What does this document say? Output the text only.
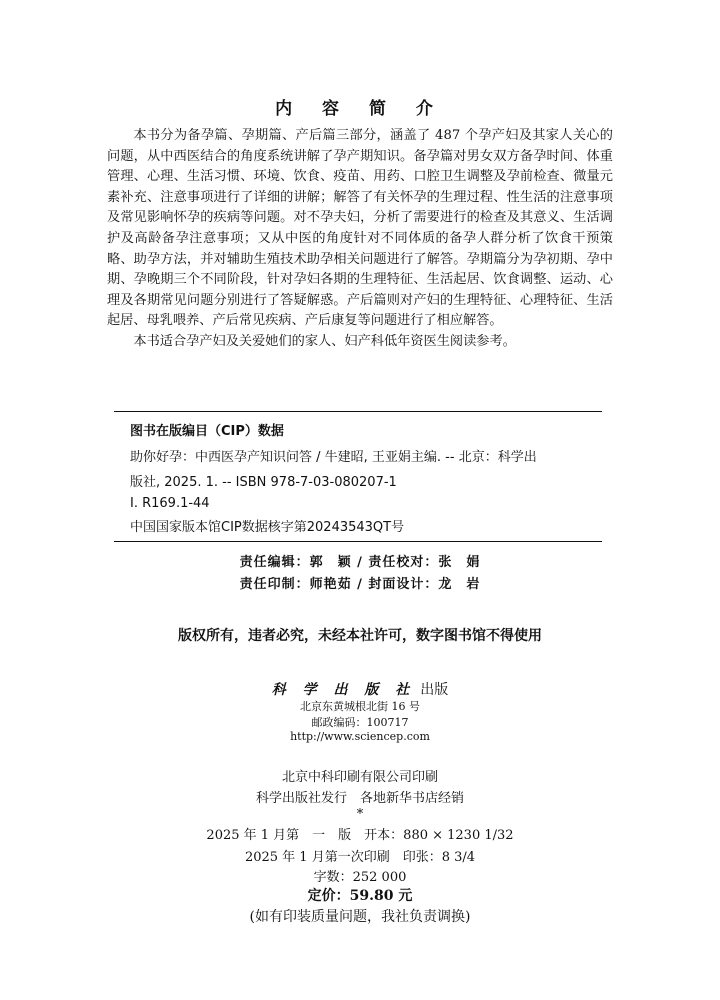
内 容 简 介

本书分为备孕篇、孕期篇、产后篇三部分，涵盖了 487 个孕产妇及其家人关心的问题，从中西医结合的角度系统讲解了孕产期知识。备孕篇对男女双方备孕时间、体重管理、心理、生活习惯、环境、饮食、疫苗、用药、口腔卫生调整及孕前检查、微量元素补充、注意事项进行了详细的讲解；解答了有关怀孕的生理过程、性生活的注意事项及常见影响怀孕的疾病等问题。对不孕夫妇，分析了需要进行的检查及其意义、生活调护及高龄备孕注意事项；又从中医的角度针对不同体质的备孕人群分析了饮食干预策略、助孕方法，并对辅助生殖技术助孕相关问题进行了解答。孕期篇分为孕初期、孕中期、孕晚期三个不同阶段，针对孕妇各期的生理特征、生活起居、饮食调整、运动、心理及各期常见问题分别进行了答疑解惑。产后篇则对产妇的生理特征、心理特征、生活起居、母乳喂养、产后常见疾病、产后康复等问题进行了相应解答。

本书适合孕产妇及关爱她们的家人、妇产科低年资医生阅读参考。

图书在版编目（CIP）数据
助你好孕：中西医孕产知识问答 / 牛建昭, 王亚娟主编. -- 北京：科学出
版社, 2025. 1. -- ISBN 978-7-03-080207-1
Ⅰ. R169.1-44
中国国家版本馆CIP数据核字第20243543QT号
责任编辑：郭　颖 / 责任校对：张　娟
责任印制：师艳茹 / 封面设计：龙　岩
版权所有，违者必究，未经本社许可，数字图书馆不得使用
科 学 出 版 社 出版
北京东黄城根北街 16 号
邮政编码：100717
http://www.sciencep.com
北京中科印刷有限公司印刷
科学出版社发行　各地新华书店经销
*
2025 年 1 月第　一　版　开本：880 × 1230 1/32
2025 年 1 月第一次印刷　印张：8 3/4
字数：252 000
定价：59.80 元
(如有印装质量问题，我社负责调换)
